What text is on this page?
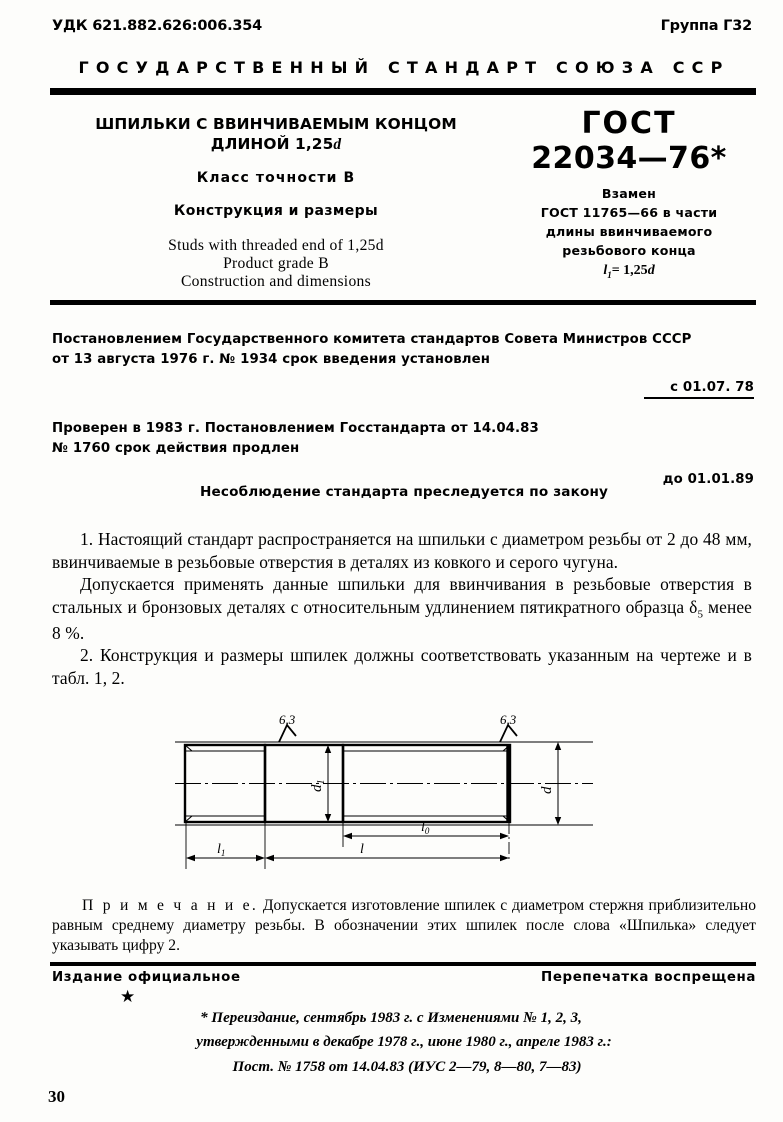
УДК 621.882.626:006.354	Группа Г32
ГОСУДАРСТВЕННЫЙ СТАНДАРТ СОЮЗА ССР
ШПИЛЬКИ С ВВИНЧИВАЕМЫМ КОНЦОМ
ДЛИНОЙ 1,25d
Класс точности В
Конструкция и размеры
Studs with threaded end of 1,25d
Product grade B
Construction and dimensions
ГОСТ
22034—76*
Взамен
ГОСТ 11765—66 в части
длины ввинчиваемого
резьбового конца
$l_1= 1,25d$

Постановлением Государственного комитета стандартов Совета Министров СССР

от 13 августа 1976 г. № 1934 срок введения установлен

с 01.07. 78

Проверен в 1983 г. Постановлением Госстандарта от 14.04.83

№ 1760 срок действия продлен

до 01.01.89
Несоблюдение стандарта преследуется по закону

1. Настоящий стандарт распространяется на шпильки с диаметром резьбы от 2 до 48 мм, ввинчиваемые в резьбовые отверстия в деталях из ковкого и серого чугуна.

Допускается применять данные шпильки для ввинчивания в резьбовые отверстия в стальных и бронзовых деталях с относительным удлинением пятикратного образца $\delta_5$ менее 8 %.

2. Конструкция и размеры шпилек должны соответствовать указанным на чертеже и в табл. 1, 2.

6,3	6,3
$d_1$
d
$l_1$
$l_0$
l

П р и м е ч а н и е. Допускается изготовление шпилек с диаметром стержня приблизительно равным среднему диаметру резьбы. В обозначении этих шпилек после слова «Шпилька» следует указывать цифру 2.

Издание официальное	Перепечатка воспрещена
★
* Переиздание, сентябрь 1983 г. с Изменениями № 1, 2, 3,
утвержденными в декабре 1978 г., июне 1980 г., апреле 1983 г.:
Пост. № 1758 от 14.04.83 (ИУС 2—79, 8—80, 7—83)
30
